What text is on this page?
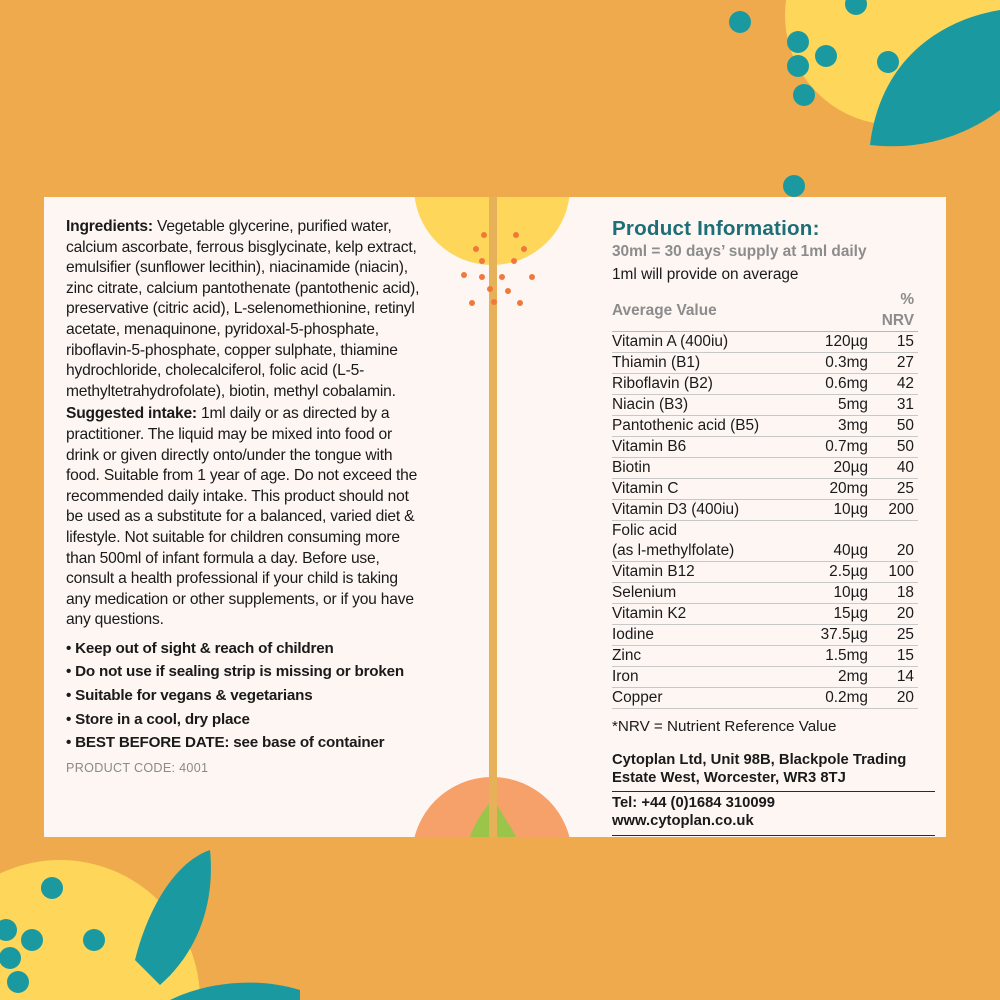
Ingredients: Vegetable glycerine, purified water, calcium ascorbate, ferrous bisglycinate, kelp extract, emulsifier (sunflower lecithin), niacinamide (niacin), zinc citrate, calcium pantothenate (pantothenic acid), preservative (citric acid), L-selenomethionine, retinyl acetate, menaquinone, pyridoxal-5-phosphate, riboflavin-5-phosphate, copper sulphate, thiamine hydrochloride, cholecalciferol, folic acid (L-5-methyltetrahydrofolate), biotin, methyl cobalamin.

Suggested intake: 1ml daily or as directed by a practitioner. The liquid may be mixed into food or drink or given directly onto/under the tongue with food. Suitable from 1 year of age. Do not exceed the recommended daily intake. This product should not be used as a substitute for a balanced, varied diet & lifestyle. Not suitable for children consuming more than 500ml of infant formula a day. Before use, consult a health professional if your child is taking any medication or other supplements, or if you have any questions.

• Keep out of sight & reach of children
• Do not use if sealing strip is missing or broken
• Suitable for vegans & vegetarians
• Store in a cool, dry place
• BEST BEFORE DATE: see base of container
PRODUCT CODE: 4001
Product Information:
30ml = 30 days’ supply at 1ml daily
1ml will provide on average
Average Value		% NRV

Vitamin A (400iu)	120µg	15

Thiamin (B1)	0.3mg	27

Riboflavin (B2)	0.6mg	42

Niacin (B3)	5mg	31

Pantothenic acid (B5)	3mg	50

Vitamin B6	0.7mg	50

Biotin	20µg	40

Vitamin C	20mg	25

Vitamin D3 (400iu)	10µg	200

Folic acid
(as l-methylfolate)	40µg	20

Vitamin B12	2.5µg	100

Selenium	10µg	18

Vitamin K2	15µg	20

Iodine	37.5µg	25

Zinc	1.5mg	15

Iron	2mg	14

Copper	0.2mg	20
*NRV = Nutrient Reference Value
Cytoplan Ltd, Unit 98B, Blackpole Trading
Estate West, Worcester, WR3 8TJ
Tel: +44 (0)1684 310099
www.cytoplan.co.uk
